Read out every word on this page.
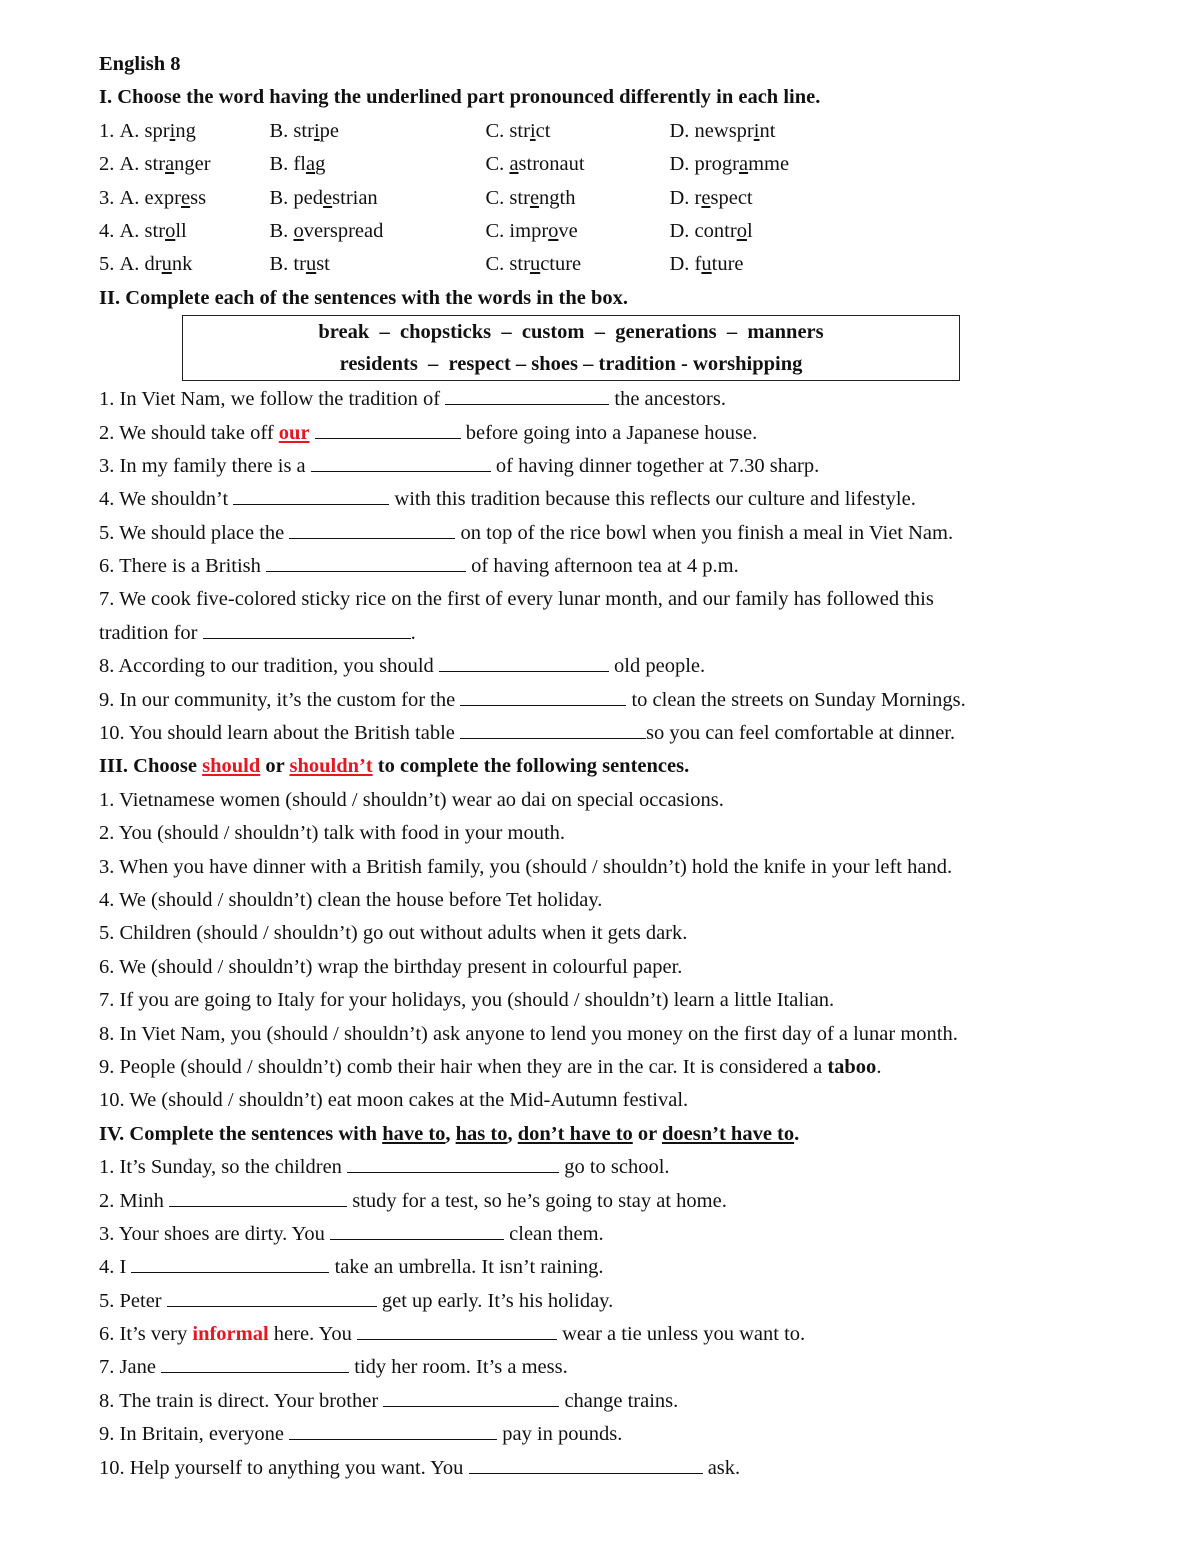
English 8
I. Choose the word having the underlined part pronounced differently in each line.
1. A. spring	B. stripe	C. strict	D. newsprint
2. A. stranger	B. flag	C. astronaut	D. programme
3. A. express	B. pedestrian	C. strength	D. respect
4. A. stroll	B. overspread	C. improve	D. control
5. A. drunk	B. trust	C. structure	D. future
II. Complete each of the sentences with the words in the box.
break  –  chopsticks  –  custom  –  generations  –  manners
residents  –  respect – shoes – tradition - worshipping
1. In Viet Nam, we follow the tradition of	the ancestors.
2. We should take off our	before going into a Japanese house.
3. In my family there is a	of having dinner together at 7.30 sharp.
4. We shouldn’t	with this tradition because this reflects our culture and lifestyle.
5. We should place the	on top of the rice bowl when you finish a meal in Viet Nam.
6. There is a British	of having afternoon tea at 4 p.m.
7. We cook five-colored sticky rice on the first of every lunar month, and our family has followed this
tradition for	.
8. According to our tradition, you should	old people.
9. In our community, it’s the custom for the	to clean the streets on Sunday Mornings.
10. You should learn about the British table	so you can feel comfortable at dinner.
III. Choose should or shouldn’t to complete the following sentences.
1. Vietnamese women (should / shouldn’t) wear ao dai on special occasions.
2. You (should / shouldn’t) talk with food in your mouth.
3. When you have dinner with a British family, you (should / shouldn’t) hold the knife in your left hand.
4. We (should / shouldn’t) clean the house before Tet holiday.
5. Children (should / shouldn’t) go out without adults when it gets dark.
6. We (should / shouldn’t) wrap the birthday present in colourful paper.
7. If you are going to Italy for your holidays, you (should / shouldn’t) learn a little Italian.
8. In Viet Nam, you (should / shouldn’t) ask anyone to lend you money on the first day of a lunar month.
9. People (should / shouldn’t) comb their hair when they are in the car. It is considered a taboo.
10. We (should / shouldn’t) eat moon cakes at the Mid-Autumn festival.
IV. Complete the sentences with have to, has to, don’t have to or doesn’t have to.
1. It’s Sunday, so the children	go to school.
2. Minh	study for a test, so he’s going to stay at home.
3. Your shoes are dirty. You	clean them.
4. I	take an umbrella. It isn’t raining.
5. Peter	get up early. It’s his holiday.
6. It’s very informal here. You	wear a tie unless you want to.
7. Jane	tidy her room. It’s a mess.
8. The train is direct. Your brother	change trains.
9. In Britain, everyone	pay in pounds.
10. Help yourself to anything you want. You	ask.
